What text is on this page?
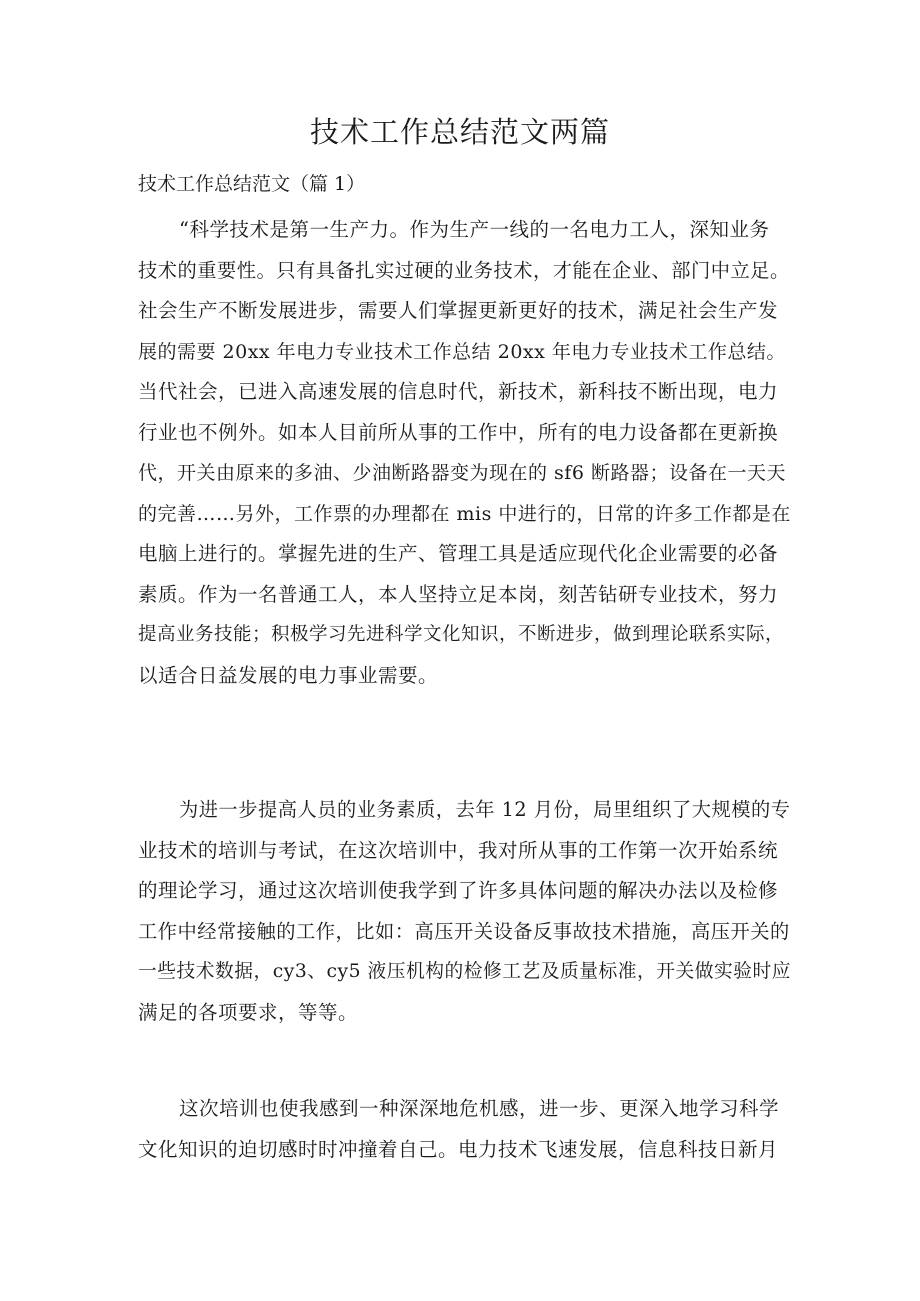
技术工作总结范文两篇
技术工作总结范文（篇 1）
“科学技术是第一生产力。作为生产一线的一名电力工人，深知业务
技术的重要性。只有具备扎实过硬的业务技术，才能在企业、部门中立足。
社会生产不断发展进步，需要人们掌握更新更好的技术，满足社会生产发
展的需要 20xx 年电力专业技术工作总结 20xx 年电力专业技术工作总结。
当代社会，已进入高速发展的信息时代，新技术，新科技不断出现，电力
行业也不例外。如本人目前所从事的工作中，所有的电力设备都在更新换
代，开关由原来的多油、少油断路器变为现在的 sf6 断路器；设备在一天天
的完善……另外，工作票的办理都在 mis 中进行的，日常的许多工作都是在
电脑上进行的。掌握先进的生产、管理工具是适应现代化企业需要的必备
素质。作为一名普通工人，本人坚持立足本岗，刻苦钻研专业技术，努力
提高业务技能；积极学习先进科学文化知识，不断进步，做到理论联系实际，
以适合日益发展的电力事业需要。
为进一步提高人员的业务素质，去年 12 月份，局里组织了大规模的专
业技术的培训与考试，在这次培训中，我对所从事的工作第一次开始系统
的理论学习，通过这次培训使我学到了许多具体问题的解决办法以及检修
工作中经常接触的工作，比如：高压开关设备反事故技术措施，高压开关的
一些技术数据，cy3、cy5 液压机构的检修工艺及质量标准，开关做实验时应
满足的各项要求，等等。
这次培训也使我感到一种深深地危机感，进一步、更深入地学习科学
文化知识的迫切感时时冲撞着自己。电力技术飞速发展，信息科技日新月
